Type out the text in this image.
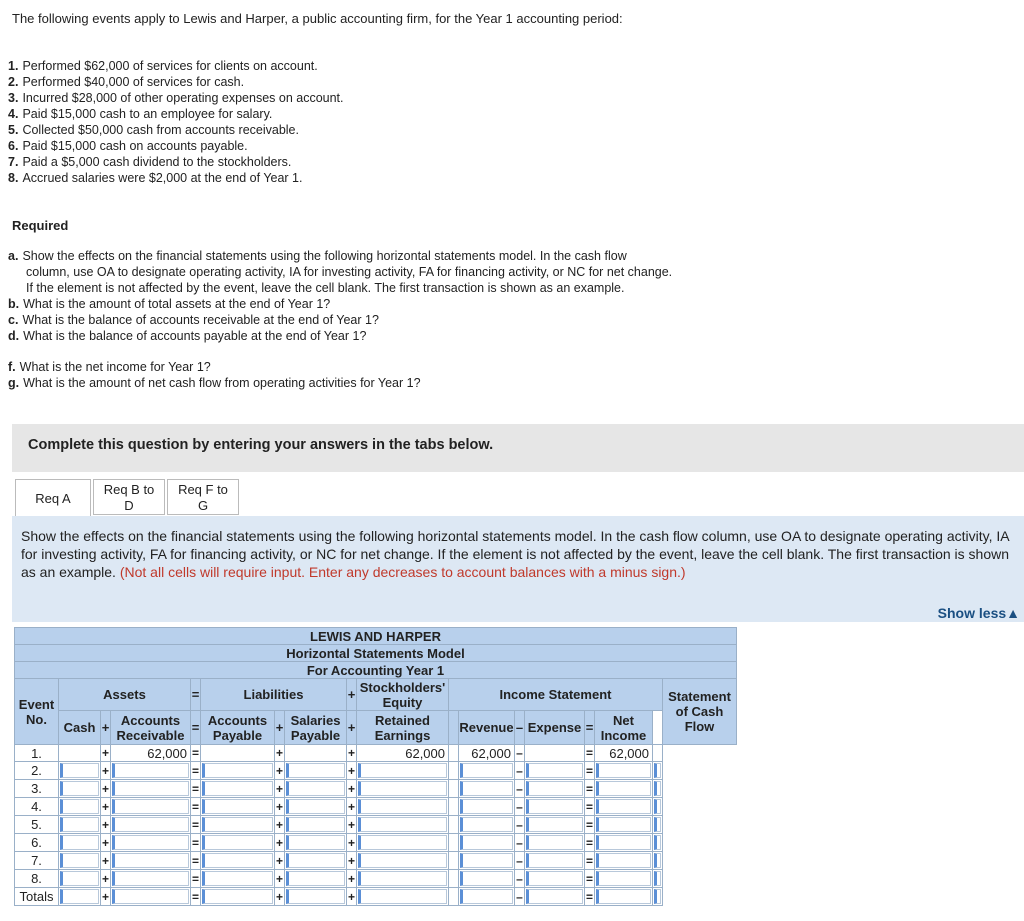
The following events apply to Lewis and Harper, a public accounting firm, for the Year 1 accounting period:
1. Performed $62,000 of services for clients on account.
2. Performed $40,000 of services for cash.
3. Incurred $28,000 of other operating expenses on account.
4. Paid $15,000 cash to an employee for salary.
5. Collected $50,000 cash from accounts receivable.
6. Paid $15,000 cash on accounts payable.
7. Paid a $5,000 cash dividend to the stockholders.
8. Accrued salaries were $2,000 at the end of Year 1.
Required
a. Show the effects on the financial statements using the following horizontal statements model. In the cash flow
column, use OA to designate operating activity, IA for investing activity, FA for financing activity, or NC for net change.
If the element is not affected by the event, leave the cell blank. The first transaction is shown as an example.
b. What is the amount of total assets at the end of Year 1?
c. What is the balance of accounts receivable at the end of Year 1?
d. What is the balance of accounts payable at the end of Year 1?
f. What is the net income for Year 1?
g. What is the amount of net cash flow from operating activities for Year 1?
Complete this question by entering your answers in the tabs below.
Req A
Req B to
D
Req F to
G
Show the effects on the financial statements using the following horizontal statements model. In the cash flow column, use OA to designate operating activity, IA for investing activity, FA for financing activity, or NC for net change. If the element is not affected by the event, leave the cell blank. The first transaction is shown as an example. (Not all cells will require input. Enter any decreases to account balances with a minus sign.)
Show less▲
LEWIS AND HARPER																	
Horizontal Statements Model																	
For Accounting Year 1																	
Event No.	Assets			=	Liabilities			+	Stockholders' Equity	Income Statement							Statement of Cash Flow
	Cash	+	Accounts Receivable	=	Accounts Payable	+	Salaries Payable	+	Retained Earnings		Revenue	–	Expense	=	Net Income	
1.		+	62,000	=		+		+	62,000		62,000	–		=	62,000		
2.		+		=		+		+				–		=		

3.		+		=		+		+				–		=		

4.		+		=		+		+				–		=		

5.		+		=		+		+				–		=		

6.		+		=		+		+				–		=		

7.		+		=		+		+				–		=		

8.		+		=		+		+				–		=		

Totals		+		=		+		+				–		=		
